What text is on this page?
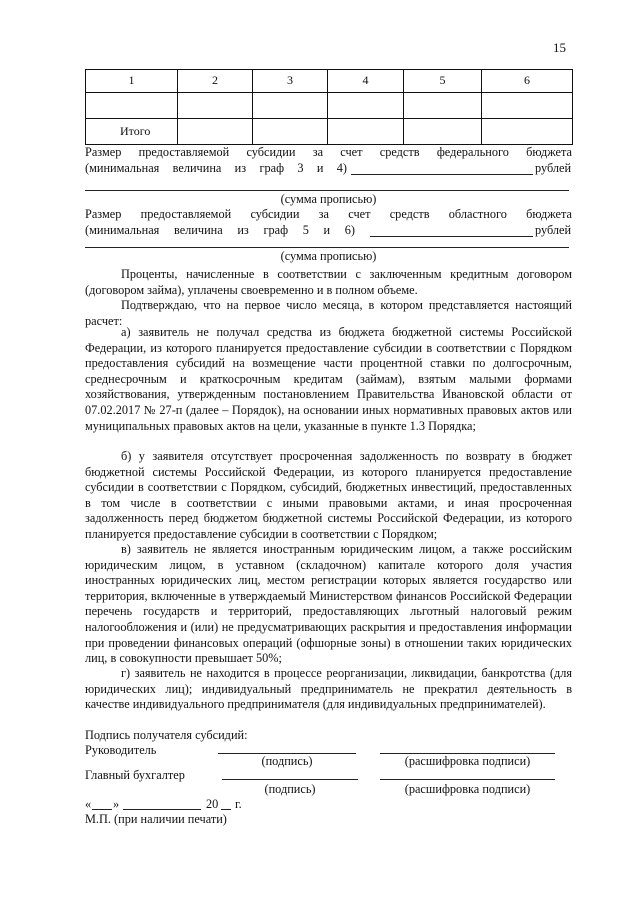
15
1	2	3	4	5	6

Итого					
Размер предоставляемой субсидии за счет средств федерального бюджета
(минимальная величина из граф 3 и 4)	рублей
(сумма прописью)
Размер предоставляемой субсидии за счет средств областного бюджета
(минимальная величина из граф 5 и 6)	рублей
(сумма прописью)
Проценты, начисленные в соответствии с заключенным кредитным договором (договором займа), уплачены своевременно и в полном объеме.
Подтверждаю, что на первое число месяца, в котором представляется настоящий расчет:
а) заявитель не получал средства из бюджета бюджетной системы Российской Федерации, из которого планируется предоставление субсидии в соответствии с Порядком предоставления субсидий на возмещение части процентной ставки по долгосрочным, среднесрочным и краткосрочным кредитам (займам), взятым малыми формами хозяйствования, утвержденным постановлением Правительства Ивановской области от 07.02.2017 № 27-п (далее – Порядок), на основании иных нормативных правовых актов или муниципальных правовых актов на цели, указанные в пункте 1.3 Порядка;
б) у заявителя отсутствует просроченная задолженность по возврату в бюджет бюджетной системы Российской Федерации, из которого планируется предоставление субсидии в соответствии с Порядком, субсидий, бюджетных инвестиций, предоставленных в том числе в соответствии с иными правовыми актами, и иная просроченная задолженность перед бюджетом бюджетной системы Российской Федерации, из которого планируется предоставление субсидии в соответствии с Порядком;
в) заявитель не является иностранным юридическим лицом, а также российским юридическим лицом, в уставном (складочном) капитале которого доля участия иностранных юридических лиц, местом регистрации которых является государство или территория, включенные в утверждаемый Министерством финансов Российской Федерации перечень государств и территорий, предоставляющих льготный налоговый режим налогообложения и (или) не предусматривающих раскрытия и предоставления информации при проведении финансовых операций (офшорные зоны) в отношении таких юридических лиц, в совокупности превышает 50%;
г) заявитель не находится в процессе реорганизации, ликвидации, банкротства (для юридических лиц); индивидуальный предприниматель не прекратил деятельность в качестве индивидуального предпринимателя (для индивидуальных предпринимателей).
Подпись получателя субсидий:
Руководитель
(подпись)	(расшифровка подписи)
Главный бухгалтер
(подпись)	(расшифровка подписи)
« »	20 г.
М.П. (при наличии печати)
